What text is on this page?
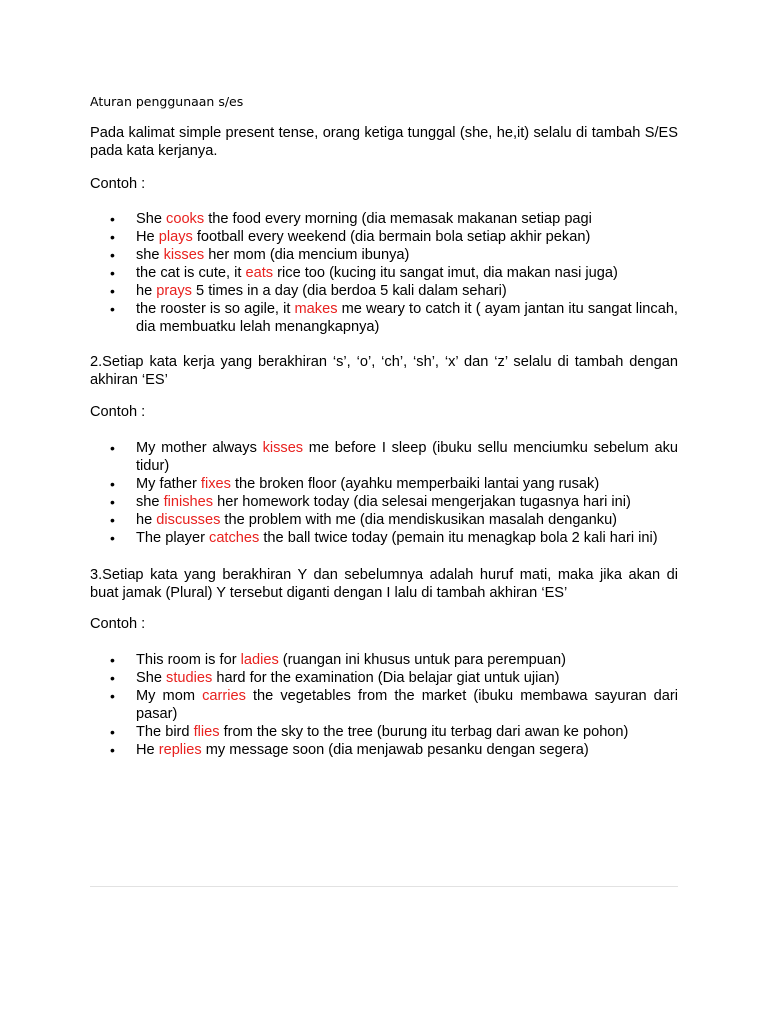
Aturan penggunaan s/es

Pada kalimat simple present tense, orang ketiga tunggal (she, he,it) selalu di tambah S/ES pada kata kerjanya.

Contoh :

• She cooks the food every morning (dia memasak makanan setiap pagi
• He plays football every weekend (dia bermain bola setiap akhir pekan)
• she kisses her mom (dia mencium ibunya)
• the cat is cute, it eats rice too (kucing itu sangat imut, dia makan nasi juga)
• he prays 5 times in a day (dia berdoa 5 kali dalam sehari)
• the rooster is so agile, it makes me weary to catch it ( ayam jantan itu sangat lincah, dia membuatku lelah menangkapnya)

2.Setiap kata kerja yang berakhiran ‘s’, ‘o’, ‘ch’, ‘sh’, ‘x’ dan ‘z’ selalu di tambah dengan akhiran ‘ES’

Contoh :

• My mother always kisses me before I sleep (ibuku sellu menciumku sebelum aku tidur)
• My father fixes the broken floor (ayahku memperbaiki lantai yang rusak)
• she finishes her homework today (dia selesai mengerjakan tugasnya hari ini)
• he discusses the problem with me (dia mendiskusikan masalah denganku)
• The player catches the ball twice today (pemain itu menagkap bola 2 kali hari ini)

3.Setiap kata yang berakhiran Y dan sebelumnya adalah huruf mati, maka jika akan di buat jamak (Plural) Y tersebut diganti dengan I lalu di tambah akhiran ‘ES’

Contoh :

• This room is for ladies (ruangan ini khusus untuk para perempuan)
• She studies hard for the examination (Dia belajar giat untuk ujian)
• My mom carries the vegetables from the market (ibuku membawa sayuran dari pasar)
• The bird flies from the sky to the tree (burung itu terbag dari awan ke pohon)
• He replies my message soon (dia menjawab pesanku dengan segera)
